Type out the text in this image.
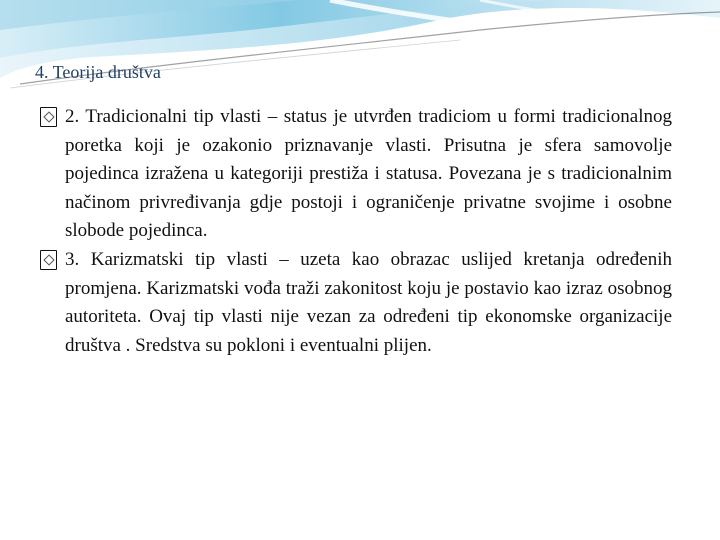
4. Teorija društva
2. Tradicionalni tip vlasti – status je utvrđen tradiciom u formi tradicionalnog poretka koji je ozakonio priznavanje vlasti. Prisutna je sfera samovolje pojedinca izražena u kategoriji prestiža i statusa. Povezana je s tradicionalnim načinom privređivanja gdje postoji i ograničenje privatne svojime i osobne slobode pojedinca.
3. Karizmatski tip vlasti – uzeta kao obrazac uslijed kretanja određenih promjena. Karizmatski vođa traži zakonitost koju je postavio kao izraz osobnog autoriteta. Ovaj tip vlasti nije vezan za određeni tip ekonomske organizacije društva . Sredstva su pokloni i eventualni plijen.
